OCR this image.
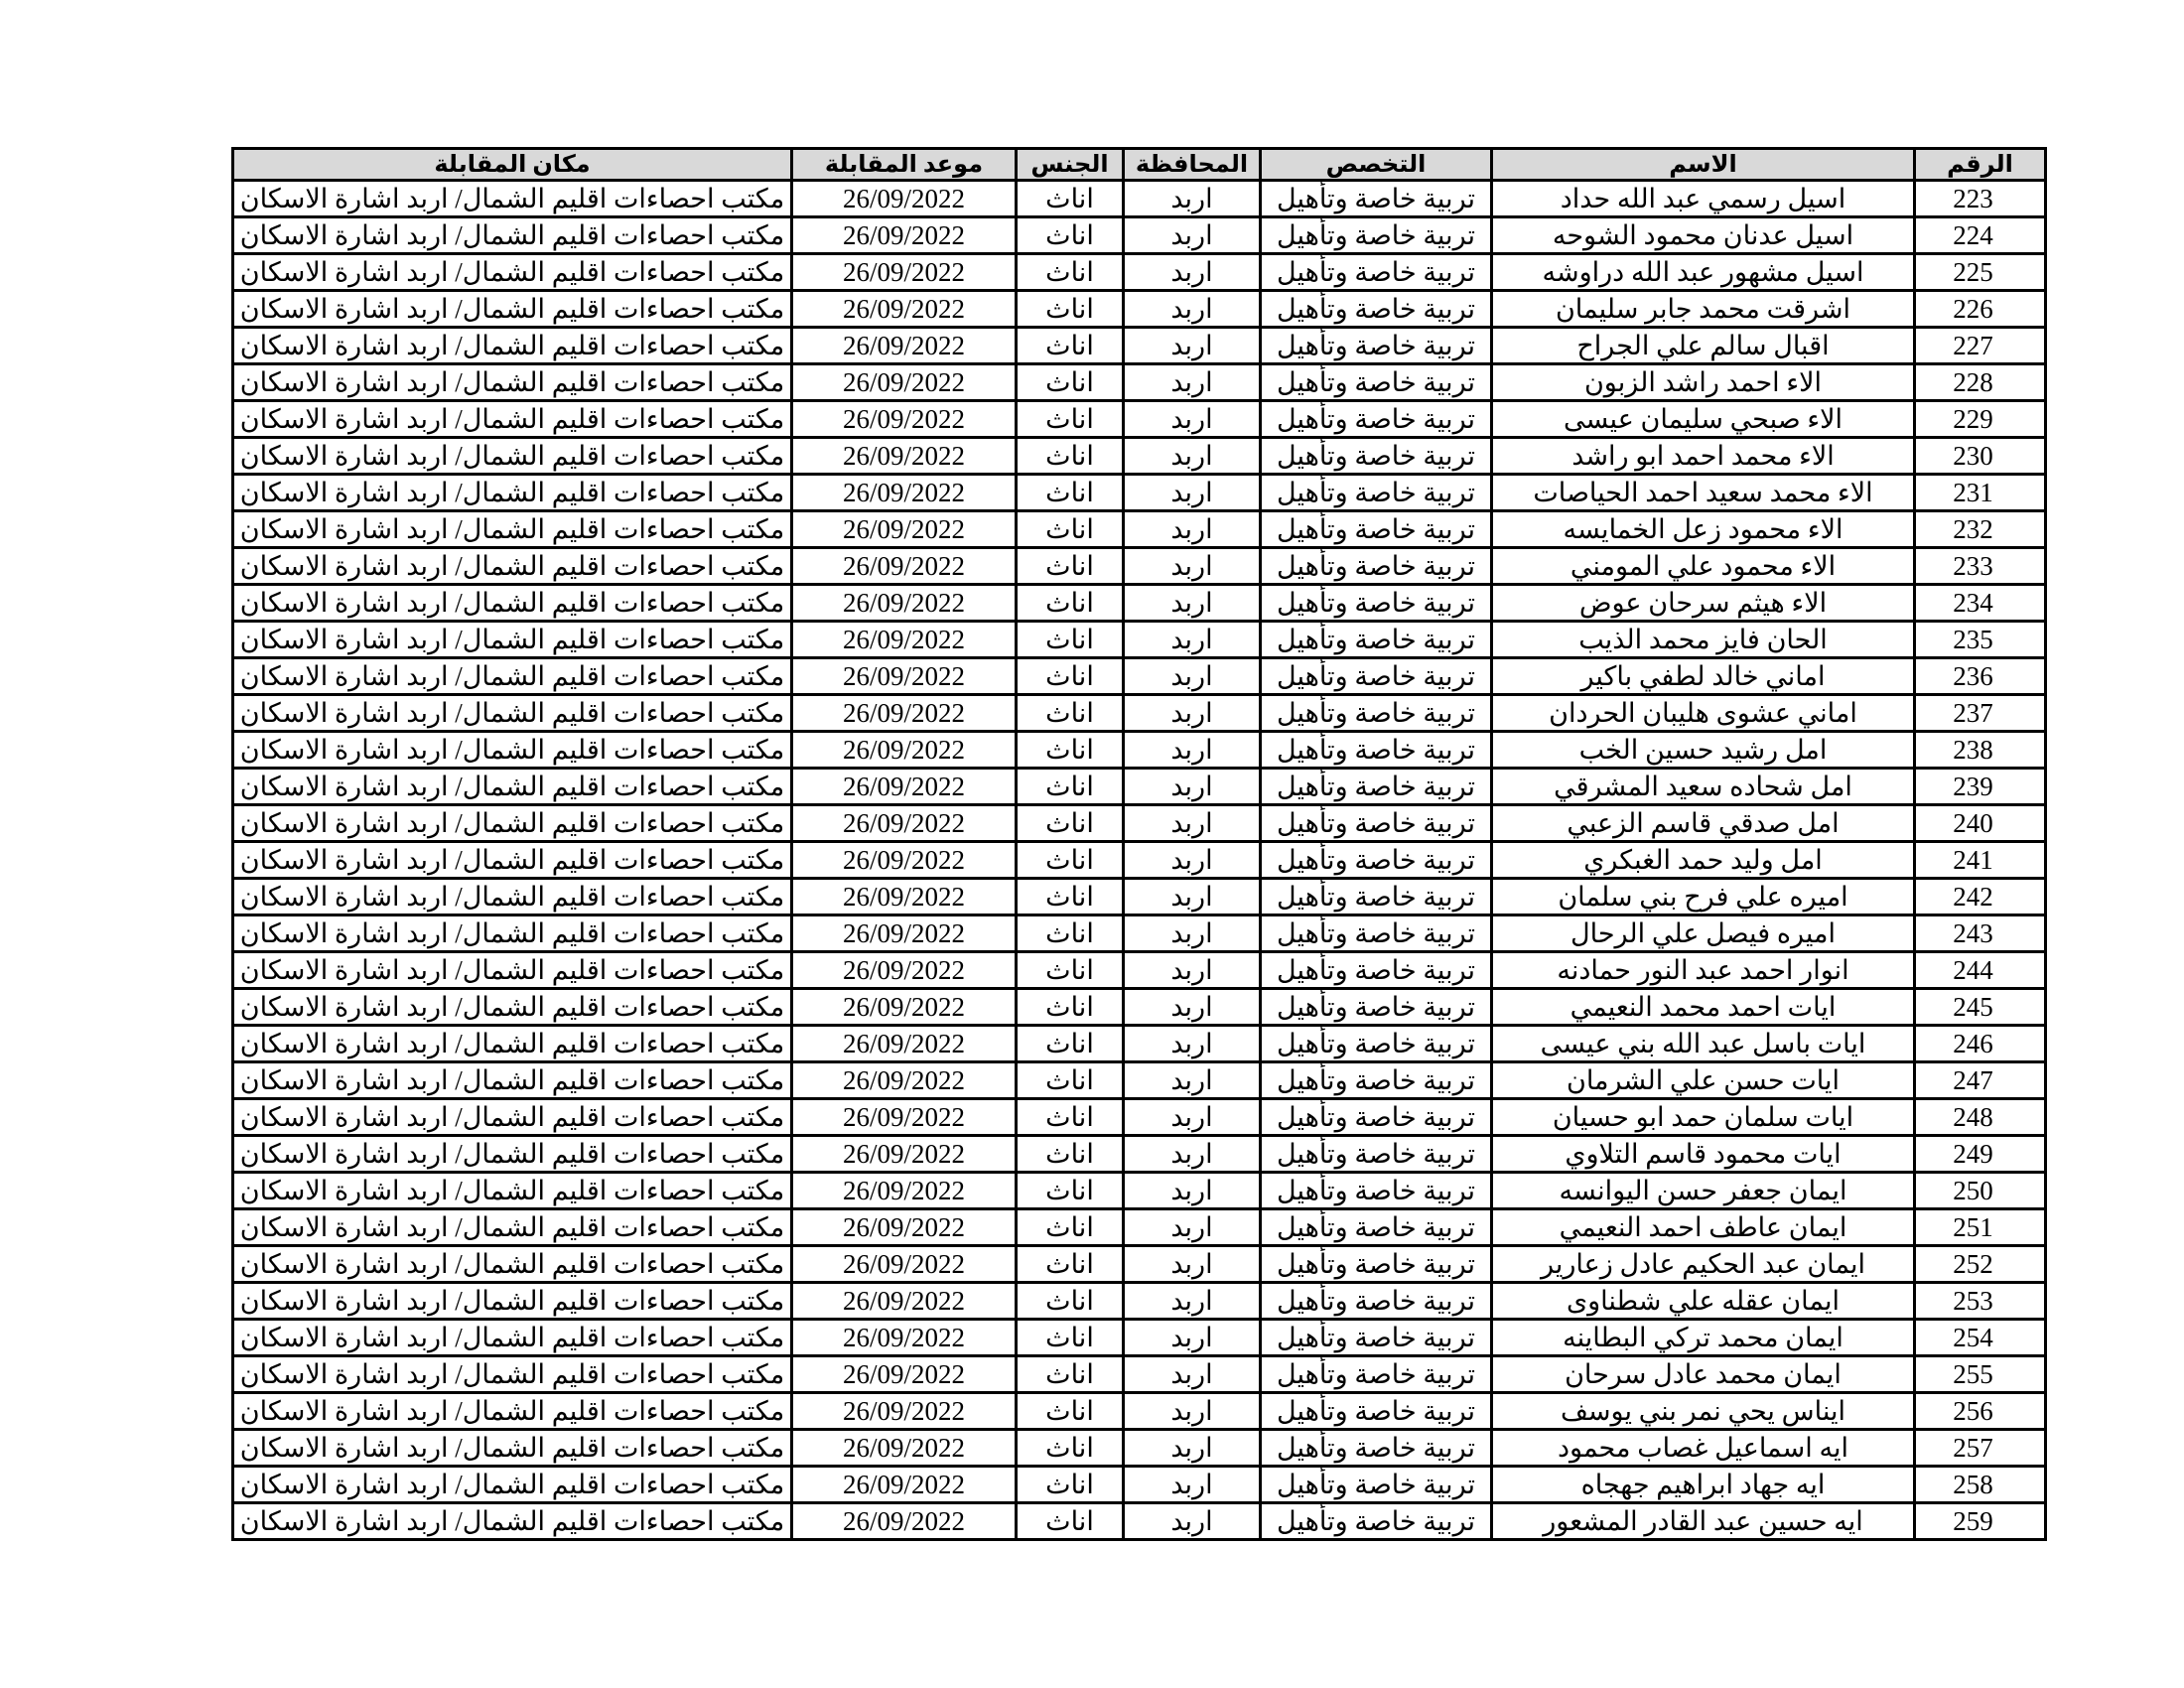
الرقم	الاسم	التخصص	المحافظة	الجنس	موعد المقابلة	مكان المقابلة
223	اسيل رسمي عبد الله حداد	تربية خاصة وتأهيل	اربد	اناث	26/09/2022	مكتب احصاءات اقليم الشمال/ اربد اشارة الاسكان
224	اسيل عدنان محمود الشوحه	تربية خاصة وتأهيل	اربد	اناث	26/09/2022	مكتب احصاءات اقليم الشمال/ اربد اشارة الاسكان
225	اسيل مشهور عبد الله دراوشه	تربية خاصة وتأهيل	اربد	اناث	26/09/2022	مكتب احصاءات اقليم الشمال/ اربد اشارة الاسكان
226	اشرقت محمد جابر سليمان	تربية خاصة وتأهيل	اربد	اناث	26/09/2022	مكتب احصاءات اقليم الشمال/ اربد اشارة الاسكان
227	اقبال سالم علي الجراح	تربية خاصة وتأهيل	اربد	اناث	26/09/2022	مكتب احصاءات اقليم الشمال/ اربد اشارة الاسكان
228	الاء احمد راشد الزبون	تربية خاصة وتأهيل	اربد	اناث	26/09/2022	مكتب احصاءات اقليم الشمال/ اربد اشارة الاسكان
229	الاء صبحي سليمان عيسى	تربية خاصة وتأهيل	اربد	اناث	26/09/2022	مكتب احصاءات اقليم الشمال/ اربد اشارة الاسكان
230	الاء محمد احمد ابو راشد	تربية خاصة وتأهيل	اربد	اناث	26/09/2022	مكتب احصاءات اقليم الشمال/ اربد اشارة الاسكان
231	الاء محمد سعيد احمد الحياصات	تربية خاصة وتأهيل	اربد	اناث	26/09/2022	مكتب احصاءات اقليم الشمال/ اربد اشارة الاسكان
232	الاء محمود زعل الخمايسه	تربية خاصة وتأهيل	اربد	اناث	26/09/2022	مكتب احصاءات اقليم الشمال/ اربد اشارة الاسكان
233	الاء محمود علي المومني	تربية خاصة وتأهيل	اربد	اناث	26/09/2022	مكتب احصاءات اقليم الشمال/ اربد اشارة الاسكان
234	الاء هيثم سرحان عوض	تربية خاصة وتأهيل	اربد	اناث	26/09/2022	مكتب احصاءات اقليم الشمال/ اربد اشارة الاسكان
235	الحان فايز محمد الذيب	تربية خاصة وتأهيل	اربد	اناث	26/09/2022	مكتب احصاءات اقليم الشمال/ اربد اشارة الاسكان
236	اماني خالد لطفي باكير	تربية خاصة وتأهيل	اربد	اناث	26/09/2022	مكتب احصاءات اقليم الشمال/ اربد اشارة الاسكان
237	اماني عشوى هليبان الحردان	تربية خاصة وتأهيل	اربد	اناث	26/09/2022	مكتب احصاءات اقليم الشمال/ اربد اشارة الاسكان
238	امل رشيد حسين الخب	تربية خاصة وتأهيل	اربد	اناث	26/09/2022	مكتب احصاءات اقليم الشمال/ اربد اشارة الاسكان
239	امل شحاده سعيد المشرقي	تربية خاصة وتأهيل	اربد	اناث	26/09/2022	مكتب احصاءات اقليم الشمال/ اربد اشارة الاسكان
240	امل صدقي قاسم الزعبي	تربية خاصة وتأهيل	اربد	اناث	26/09/2022	مكتب احصاءات اقليم الشمال/ اربد اشارة الاسكان
241	امل وليد حمد الغبكري	تربية خاصة وتأهيل	اربد	اناث	26/09/2022	مكتب احصاءات اقليم الشمال/ اربد اشارة الاسكان
242	اميره علي فرح بني سلمان	تربية خاصة وتأهيل	اربد	اناث	26/09/2022	مكتب احصاءات اقليم الشمال/ اربد اشارة الاسكان
243	اميره فيصل علي الرحال	تربية خاصة وتأهيل	اربد	اناث	26/09/2022	مكتب احصاءات اقليم الشمال/ اربد اشارة الاسكان
244	انوار احمد عبد النور حمادنه	تربية خاصة وتأهيل	اربد	اناث	26/09/2022	مكتب احصاءات اقليم الشمال/ اربد اشارة الاسكان
245	ايات احمد محمد النعيمي	تربية خاصة وتأهيل	اربد	اناث	26/09/2022	مكتب احصاءات اقليم الشمال/ اربد اشارة الاسكان
246	ايات باسل عبد الله بني عيسى	تربية خاصة وتأهيل	اربد	اناث	26/09/2022	مكتب احصاءات اقليم الشمال/ اربد اشارة الاسكان
247	ايات حسن علي الشرمان	تربية خاصة وتأهيل	اربد	اناث	26/09/2022	مكتب احصاءات اقليم الشمال/ اربد اشارة الاسكان
248	ايات سلمان حمد ابو حسيان	تربية خاصة وتأهيل	اربد	اناث	26/09/2022	مكتب احصاءات اقليم الشمال/ اربد اشارة الاسكان
249	ايات محمود قاسم التلاوي	تربية خاصة وتأهيل	اربد	اناث	26/09/2022	مكتب احصاءات اقليم الشمال/ اربد اشارة الاسكان
250	ايمان جعفر حسن اليوانسه	تربية خاصة وتأهيل	اربد	اناث	26/09/2022	مكتب احصاءات اقليم الشمال/ اربد اشارة الاسكان
251	ايمان عاطف احمد النعيمي	تربية خاصة وتأهيل	اربد	اناث	26/09/2022	مكتب احصاءات اقليم الشمال/ اربد اشارة الاسكان
252	ايمان عبد الحكيم عادل زعارير	تربية خاصة وتأهيل	اربد	اناث	26/09/2022	مكتب احصاءات اقليم الشمال/ اربد اشارة الاسكان
253	ايمان عقله علي شطناوى	تربية خاصة وتأهيل	اربد	اناث	26/09/2022	مكتب احصاءات اقليم الشمال/ اربد اشارة الاسكان
254	ايمان محمد تركي البطاينه	تربية خاصة وتأهيل	اربد	اناث	26/09/2022	مكتب احصاءات اقليم الشمال/ اربد اشارة الاسكان
255	ايمان محمد عادل سرحان	تربية خاصة وتأهيل	اربد	اناث	26/09/2022	مكتب احصاءات اقليم الشمال/ اربد اشارة الاسكان
256	ايناس يحي نمر بني يوسف	تربية خاصة وتأهيل	اربد	اناث	26/09/2022	مكتب احصاءات اقليم الشمال/ اربد اشارة الاسكان
257	ايه اسماعيل غصاب محمود	تربية خاصة وتأهيل	اربد	اناث	26/09/2022	مكتب احصاءات اقليم الشمال/ اربد اشارة الاسكان
258	ايه جهاد ابراهيم جهجاه	تربية خاصة وتأهيل	اربد	اناث	26/09/2022	مكتب احصاءات اقليم الشمال/ اربد اشارة الاسكان
259	ايه حسين عبد القادر المشعور	تربية خاصة وتأهيل	اربد	اناث	26/09/2022	مكتب احصاءات اقليم الشمال/ اربد اشارة الاسكان
